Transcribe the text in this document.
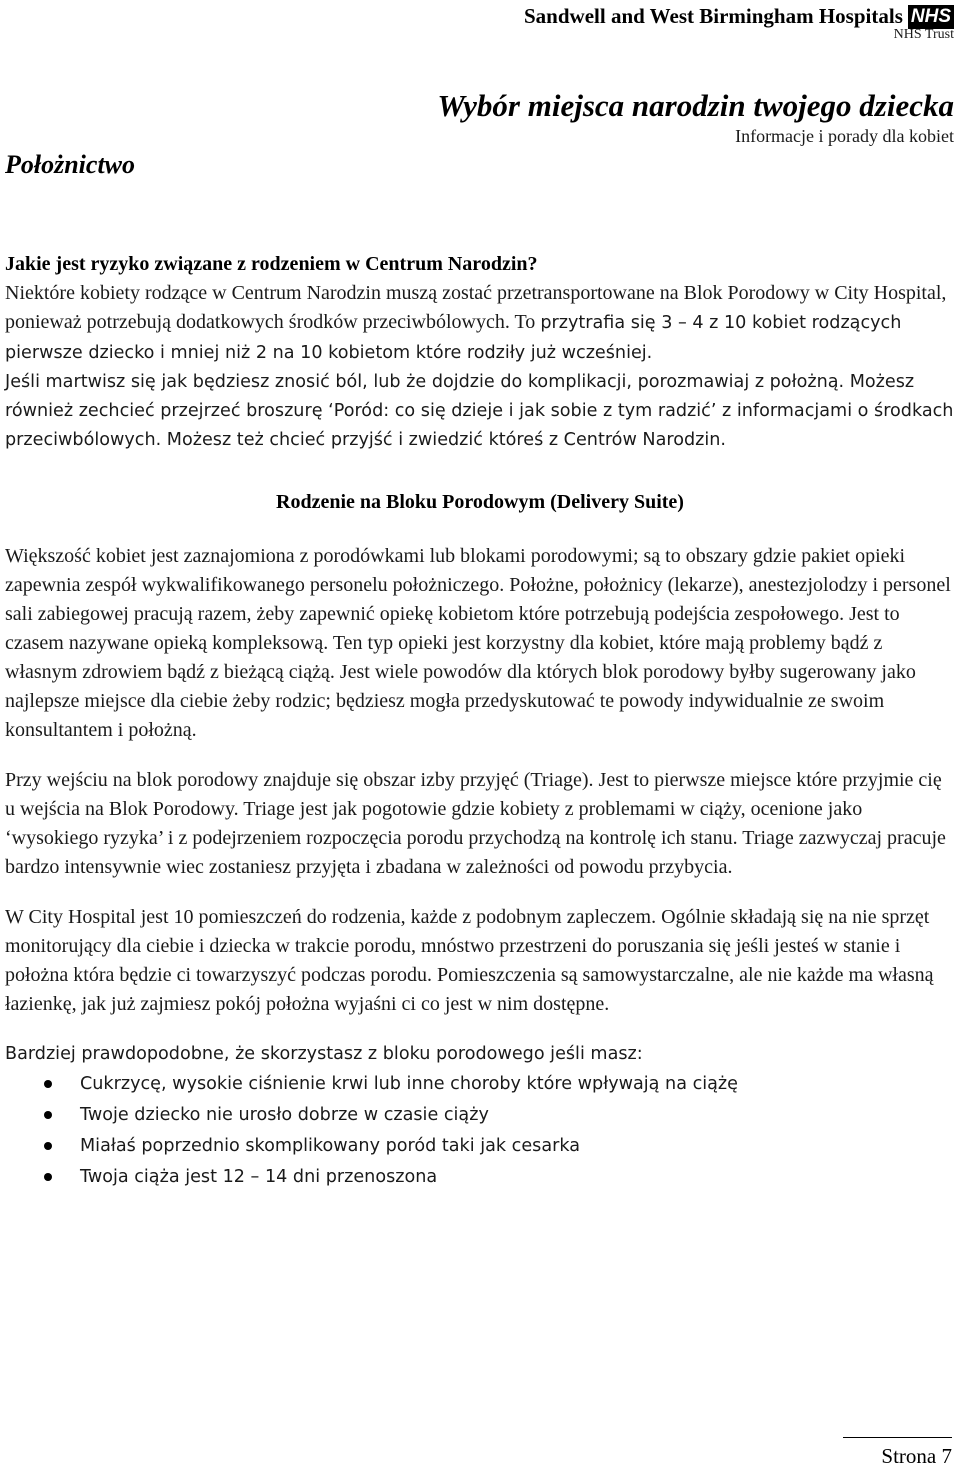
Sandwell and West Birmingham Hospitals NHS
NHS Trust
Wybór miejsca narodzin twojego dziecka
Informacje i porady dla kobiet
Położnictwo
Jakie jest ryzyko związane z rodzeniem w Centrum Narodzin?
Niektóre kobiety rodzące w Centrum Narodzin muszą zostać przetransportowane na Blok Porodowy w City Hospital, ponieważ potrzebują dodatkowych środków przeciwbólowych. To przytrafia się 3 – 4 z 10 kobiet rodzących pierwsze dziecko i mniej niż 2 na 10 kobietom które rodziły już wcześniej.
Jeśli martwisz się jak będziesz znosić ból, lub że dojdzie do komplikacji, porozmawiaj z położną. Możesz również zechcieć przejrzeć broszurę ‘Poród: co się dzieje i jak sobie z tym radzić’ z informacjami o środkach przeciwbólowych. Możesz też chcieć przyjść i zwiedzić któreś z Centrów Narodzin.
Rodzenie na Bloku Porodowym (Delivery Suite)

Większość kobiet jest zaznajomiona z porodówkami lub blokami porodowymi; są to obszary gdzie pakiet opieki zapewnia zespół wykwalifikowanego personelu położniczego. Położne, położnicy (lekarze), anestezjolodzy i personel sali zabiegowej pracują razem, żeby zapewnić opiekę kobietom które potrzebują podejścia zespołowego. Jest to czasem nazywane opieką kompleksową. Ten typ opieki jest korzystny dla kobiet, które mają problemy bądź z własnym zdrowiem bądź z bieżącą ciążą. Jest wiele powodów dla których blok porodowy byłby sugerowany jako najlepsze miejsce dla ciebie żeby rodzic; będziesz mogła przedyskutować te powody indywidualnie ze swoim konsultantem i położną.

Przy wejściu na blok porodowy znajduje się obszar izby przyjęć (Triage). Jest to pierwsze miejsce które przyjmie cię u wejścia na Blok Porodowy. Triage jest jak pogotowie gdzie kobiety z problemami w ciąży, ocenione jako ‘wysokiego ryzyka’ i z podejrzeniem rozpoczęcia porodu przychodzą na kontrolę ich stanu. Triage zazwyczaj pracuje bardzo intensywnie wiec zostaniesz przyjęta i zbadana w zależności od powodu przybycia.

W City Hospital jest 10 pomieszczeń do rodzenia, każde z podobnym zapleczem. Ogólnie składają się na nie sprzęt monitorujący dla ciebie i dziecka w trakcie porodu, mnóstwo przestrzeni do poruszania się jeśli jesteś w stanie i położna która będzie ci towarzyszyć podczas porodu. Pomieszczenia są samowystarczalne, ale nie każde ma własną łazienkę, jak już zajmiesz pokój położna wyjaśni ci co jest w nim dostępne.

Bardziej prawdopodobne, że skorzystasz z bloku porodowego jeśli masz:

Cukrzycę, wysokie ciśnienie krwi lub inne choroby które wpływają na ciążę
Twoje dziecko nie urosło dobrze w czasie ciąży
Miałaś poprzednio skomplikowany poród taki jak cesarka
Twoja ciąża jest 12 – 14 dni przenoszona
Strona 7
